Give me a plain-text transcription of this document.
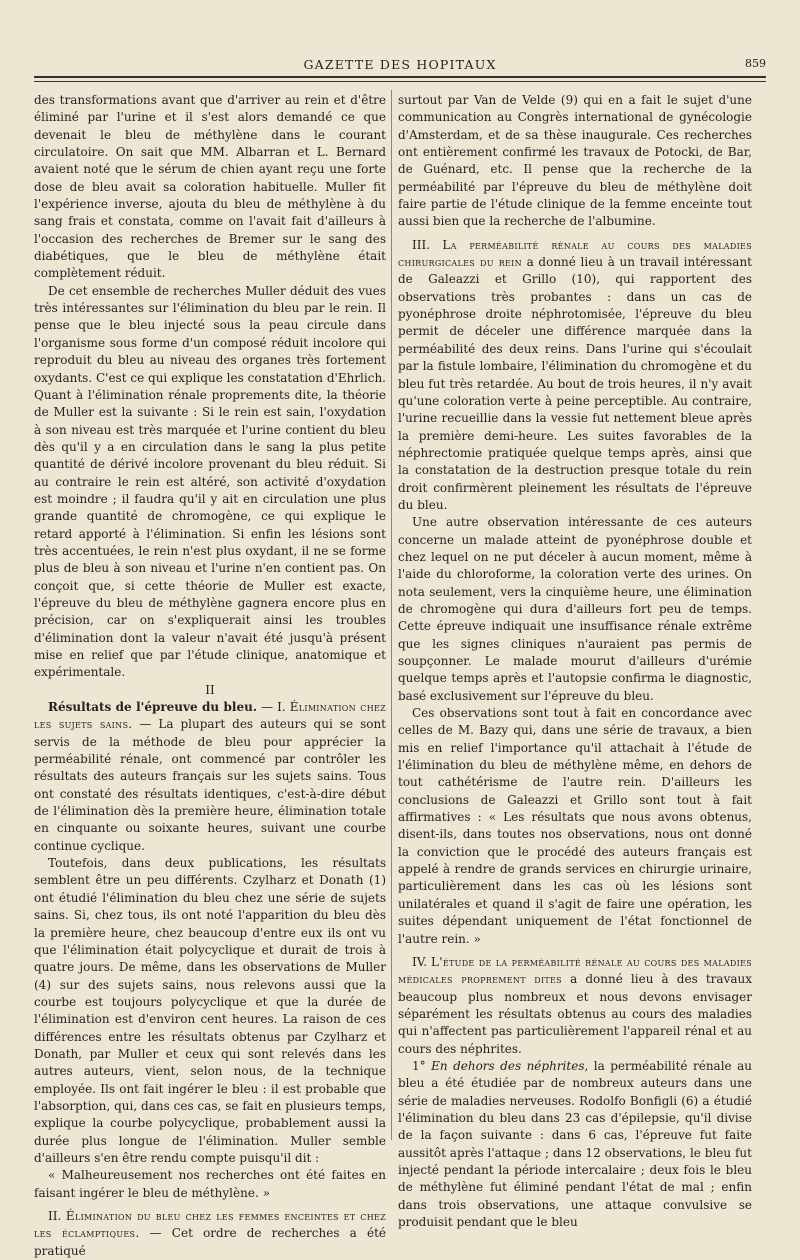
GAZETTE DES HOPITAUX	859

des transformations avant que d'arriver au rein et d'être éliminé par l'urine et il s'est alors demandé ce que devenait le bleu de méthylène dans le courant circulatoire. On sait que MM. Albarran et L. Bernard avaient noté que le sérum de chien ayant reçu une forte dose de bleu avait sa coloration habituelle. Muller fit l'expérience inverse, ajouta du bleu de méthylène à du sang frais et constata, comme on l'avait fait d'ailleurs à l'occasion des recherches de Bremer sur le sang des diabétiques, que le bleu de méthylène était complètement réduit.

De cet ensemble de recherches Muller déduit des vues très intéressantes sur l'élimination du bleu par le rein. Il pense que le bleu injecté sous la peau circule dans l'organisme sous forme d'un composé réduit incolore qui reproduit du bleu au niveau des organes très fortement oxydants. C'est ce qui explique les constatation d'Ehrlich. Quant à l'élimination rénale proprements dite, la théorie de Muller est la suivante : Si le rein est sain, l'oxydation à son niveau est très marquée et l'urine contient du bleu dès qu'il y a en circulation dans le sang la plus petite quantité de dérivé incolore provenant du bleu réduit. Si au contraire le rein est altéré, son activité d'oxydation est moindre ; il faudra qu'il y ait en circulation une plus grande quantité de chromogène, ce qui explique le retard apporté à l'élimination. Si enfin les lésions sont très accentuées, le rein n'est plus oxydant, il ne se forme plus de bleu à son niveau et l'urine n'en contient pas. On conçoit que, si cette théorie de Muller est exacte, l'épreuve du bleu de méthylène gagnera encore plus en précision, car on s'expliquerait ainsi les troubles d'élimination dont la valeur n'avait été jusqu'à présent mise en relief que par l'étude clinique, anatomique et expérimentale.

II

Résultats de l'épreuve du bleu. — I. Élimination chez les sujets sains. — La plupart des auteurs qui se sont servis de la méthode de bleu pour apprécier la perméabilité rénale, ont commencé par contrôler les résultats des auteurs français sur les sujets sains. Tous ont constaté des résultats identiques, c'est-à-dire début de l'élimination dès la première heure, élimination totale en cinquante ou soixante heures, suivant une courbe continue cyclique.

Toutefois, dans deux publications, les résultats semblent être un peu différents. Czylharz et Donath (1) ont étudié l'élimination du bleu chez une série de sujets sains. Si, chez tous, ils ont noté l'apparition du bleu dès la première heure, chez beaucoup d'entre eux ils ont vu que l'élimination était polycyclique et durait de trois à quatre jours. De même, dans les observations de Muller (4) sur des sujets sains, nous relevons aussi que la courbe est toujours polycyclique et que la durée de l'élimination est d'environ cent heures. La raison de ces différences entre les résultats obtenus par Czylharz et Donath, par Muller et ceux qui sont relevés dans les autres auteurs, vient, selon nous, de la technique employée. Ils ont fait ingérer le bleu : il est probable que l'absorption, qui, dans ces cas, se fait en plusieurs temps, explique la courbe polycyclique, probablement aussi la durée plus longue de l'élimination. Muller semble d'ailleurs s'en être rendu compte puisqu'il dit :

« Malheureusement nos recherches ont été faites en faisant ingérer le bleu de méthylène. »

II. Élimination du bleu chez les femmes enceintes et chez les éclamptiques. — Cet ordre de recherches a été pratiqué

surtout par Van de Velde (9) qui en a fait le sujet d'une communication au Congrès international de gynécologie d'Amsterdam, et de sa thèse inaugurale. Ces recherches ont entièrement confirmé les travaux de Potocki, de Bar, de Guénard, etc. Il pense que la recherche de la perméabilité par l'épreuve du bleu de méthylène doit faire partie de l'étude clinique de la femme enceinte tout aussi bien que la recherche de l'albumine.

III. La perméabilité rénale au cours des maladies chirurgicales du rein a donné lieu à un travail intéressant de Galeazzi et Grillo (10), qui rapportent des observations très probantes : dans un cas de pyonéphrose droite néphrotomisée, l'épreuve du bleu permit de déceler une différence marquée dans la perméabilité des deux reins. Dans l'urine qui s'écoulait par la fistule lombaire, l'élimination du chromogène et du bleu fut très retardée. Au bout de trois heures, il n'y avait qu'une coloration verte à peine perceptible. Au contraire, l'urine recueillie dans la vessie fut nettement bleue après la première demi-heure. Les suites favorables de la néphrectomie pratiquée quelque temps après, ainsi que la constatation de la destruction presque totale du rein droit confirmèrent pleinement les résultats de l'épreuve du bleu.

Une autre observation intéressante de ces auteurs concerne un malade atteint de pyonéphrose double et chez lequel on ne put déceler à aucun moment, même à l'aide du chloroforme, la coloration verte des urines. On nota seulement, vers la cinquième heure, une élimination de chromogène qui dura d'ailleurs fort peu de temps. Cette épreuve indiquait une insuffisance rénale extrême que les signes cliniques n'auraient pas permis de soupçonner. Le malade mourut d'ailleurs d'urémie quelque temps après et l'autopsie confirma le diagnostic, basé exclusivement sur l'épreuve du bleu.

Ces observations sont tout à fait en concordance avec celles de M. Bazy qui, dans une série de travaux, a bien mis en relief l'importance qu'il attachait à l'étude de l'élimination du bleu de méthylène même, en dehors de tout cathétérisme de l'autre rein. D'ailleurs les conclusions de Galeazzi et Grillo sont tout à fait affirmatives : « Les résultats que nous avons obtenus, disent-ils, dans toutes nos observations, nous ont donné la conviction que le procédé des auteurs français est appelé à rendre de grands services en chirurgie urinaire, particulièrement dans les cas où les lésions sont unilatérales et quand il s'agit de faire une opération, les suites dépendant uniquement de l'état fonctionnel de l'autre rein. »

IV. L'étude de la perméabilité rénale au cours des maladies médicales proprement dites a donné lieu à des travaux beaucoup plus nombreux et nous devons envisager séparément les résultats obtenus au cours des maladies qui n'affectent pas particulièrement l'appareil rénal et au cours des néphrites.

1° En dehors des néphrites, la perméabilité rénale au bleu a été étudiée par de nombreux auteurs dans une série de maladies nerveuses. Rodolfo Bonfigli (6) a étudié l'élimination du bleu dans 23 cas d'épilepsie, qu'il divise de la façon suivante : dans 6 cas, l'épreuve fut faite aussitôt après l'attaque ; dans 12 observations, le bleu fut injecté pendant la période intercalaire ; deux fois le bleu de méthylène fut éliminé pendant l'état de mal ; enfin dans trois observations, une attaque convulsive se produisit pendant que le bleu
